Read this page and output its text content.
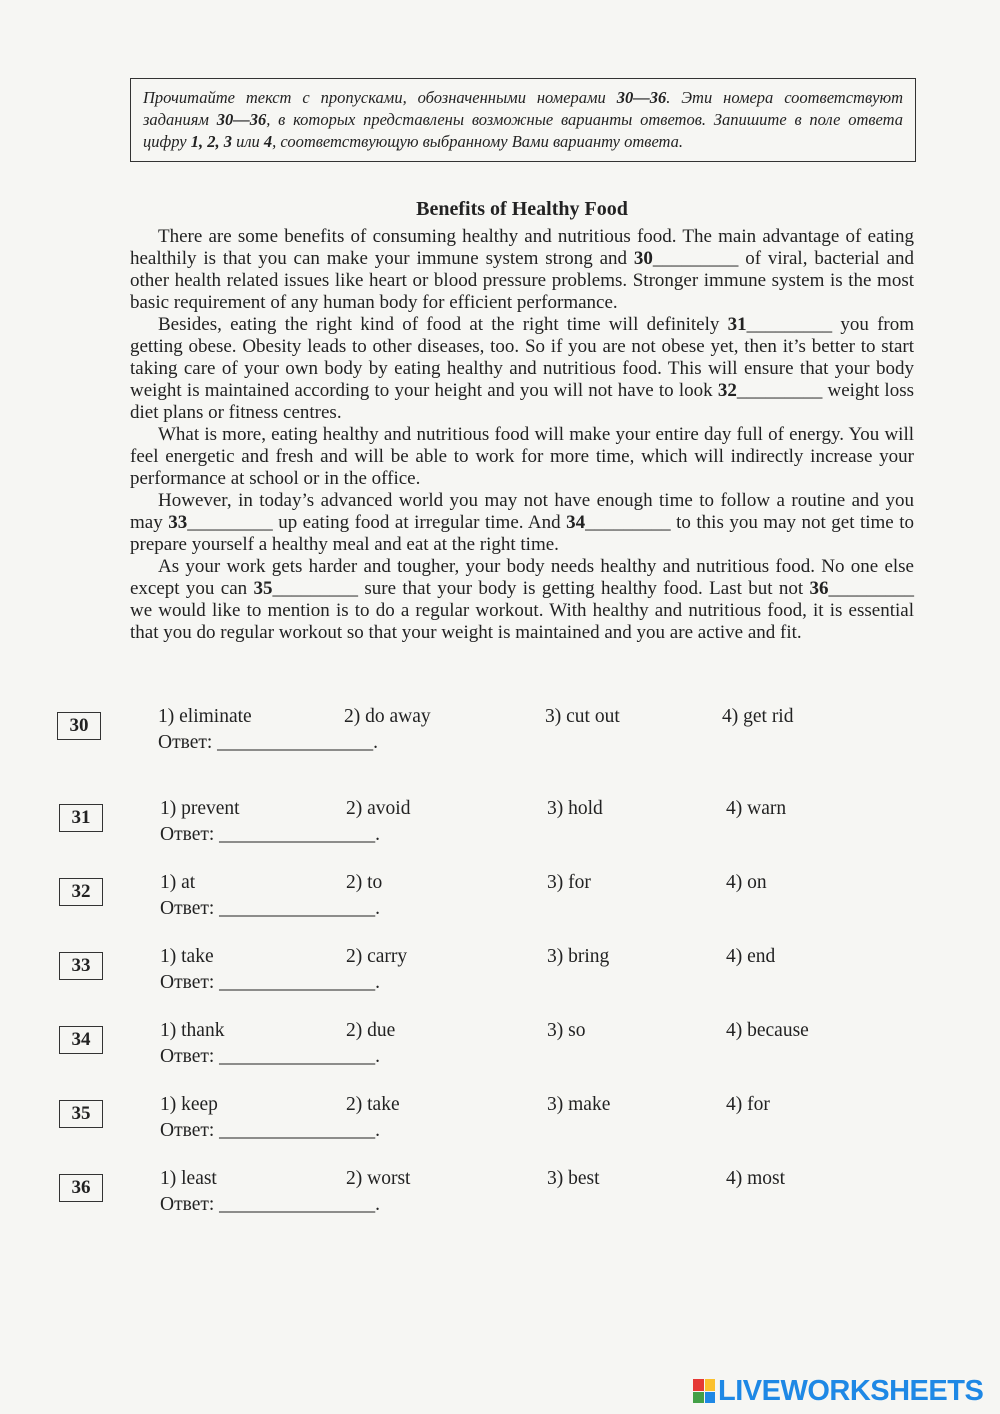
Прочитайте текст с пропусками, обозначенными номерами 30—36. Эти номера соответствуют заданиям 30—36, в которых представлены возможные варианты ответов. Запишите в поле ответа цифру 1, 2, 3 или 4, соответствующую выбранному Вами варианту ответа.
Benefits of Healthy Food

There are some benefits of consuming healthy and nutritious food. The main advantage of eating healthily is that you can make your immune system strong and 30_________ of viral, bacterial and other health related issues like heart or blood pressure problems. Stronger immune system is the most basic requirement of any human body for efficient performance.

Besides, eating the right kind of food at the right time will definitely 31_________ you from getting obese. Obesity leads to other diseases, too. So if you are not obese yet, then it’s better to start taking care of your own body by eating healthy and nutritious food. This will ensure that your body weight is maintained according to your height and you will not have to look 32_________ weight loss diet plans or fitness centres.

What is more, eating healthy and nutritious food will make your entire day full of energy. You will feel energetic and fresh and will be able to work for more time, which will indirectly increase your performance at school or in the office.

However, in today’s advanced world you may not have enough time to follow a routine and you may 33_________ up eating food at irregular time. And 34_________ to this you may not get time to prepare yourself a healthy meal and eat at the right time.

As your work gets harder and tougher, your body needs healthy and nutritious food. No one else except you can 35_________ sure that your body is getting healthy food. Last but not 36_________ we would like to mention is to do a regular workout. With healthy and nutritious food, it is essential that you do regular workout so that your weight is maintained and you are active and fit.

30	1) eliminate	2) do away	3) cut out	4) get rid
Ответ: ________________.
31	1) prevent	2) avoid	3) hold	4) warn
Ответ: ________________.
32	1) at	2) to	3) for	4) on
Ответ: ________________.
33	1) take	2) carry	3) bring	4) end
Ответ: ________________.
34	1) thank	2) due	3) so	4) because
Ответ: ________________.
35	1) keep	2) take	3) make	4) for
Ответ: ________________.
36	1) least	2) worst	3) best	4) most
Ответ: ________________.
LIVEWORKSHEETS
